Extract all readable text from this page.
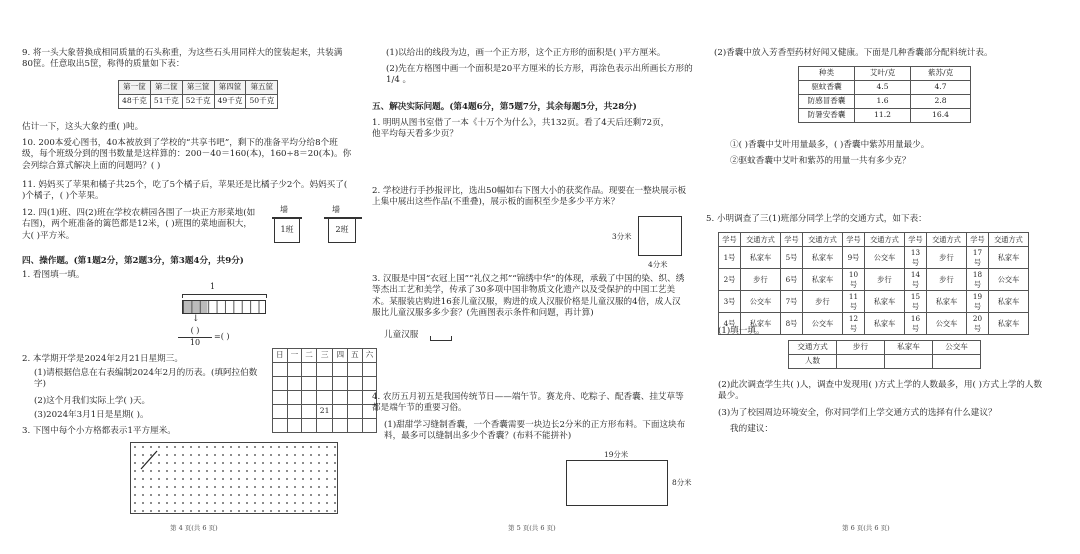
9. 将一头大象替换成相同质量的石头称重，为这些石头用同样大的筐装起来，共装满80筐。任意取出5筐，称得的质量如下表：
第一筐	第二筐	第三筐	第四筐	第五筐
48千克	51千克	52千克	49千克	50千克
估计一下，这头大象约重( )吨。
10. 200本爱心图书，40本被放到了学校的“共享书吧”，剩下的准备平均分给8个班级，每个班级分到的图书数量是这样算的：200－40＝160(本)，160÷8＝20(本)。你会列综合算式解决上面的问题吗？( )
11. 妈妈买了苹果和橘子共25个，吃了5个橘子后，苹果还是比橘子少2个。妈妈买了( )个橘子，( )个苹果。
12. 四(1)班、四(2)班在学校农耕园各围了一块正方形菜地(如右图)，两个班准备的篱笆都是12米，( )班围的菜地面积大，大( )平方米。
墙	墙
1班	2班
四、操作题。(第1题2分，第2题3分，第3题4分，共9分)
1. 看图填一填。
1
↓
( )
10
=( )
2. 本学期开学是2024年2月21日星期三。
(1)请根据信息在右表编制2024年2月的历表。(填阿拉伯数字)
(2)这个月我们实际上学( )天。
(3)2024年3月1日是星期( )。
日	一	二	三	四	五	六

			21			

3. 下图中每个小方格都表示1平方厘米。
第 4 页(共 6 页)
(1)以给出的线段为边，画一个正方形，这个正方形的面积是( )平方厘米。
(2)先在方格图中画一个面积是20平方厘米的长方形，再涂色表示出所画长方形的 1/4 。
五、解决实际问题。(第4题6分，第5题7分，其余每题5分，共28分)
1. 明明从图书室借了一本《十万个为什么》，共132页。看了4天后还剩72页，他平均每天看多少页？
2. 学校进行手抄报评比，选出50幅如右下图大小的获奖作品。现要在一整块展示板上集中展出这些作品(不重叠)，展示板的面积至少是多少平方米？
3分米
4分米
3. 汉服是中国“衣冠上国”“礼仪之邦”“锦绣中华”的体现，承载了中国的染、织、绣等杰出工艺和美学，传承了30多项中国非物质文化遗产以及受保护的中国工艺美术。某服装店购进16套儿童汉服，购进的成人汉服价格是儿童汉服的4倍，成人汉服比儿童汉服多多少套？(先画图表示条件和问题，再计算)
儿童汉服
4. 农历五月初五是我国传统节日——端午节。赛龙舟、吃粽子、配香囊、挂艾草等都是端午节的重要习俗。
(1)甜甜学习缝制香囊，一个香囊需要一块边长2分米的正方形布料。下面这块布料，最多可以缝制出多少个香囊？(布料不能拼补)
19分米
8分米
第 5 页(共 6 页)
(2)香囊中放入芳香型药材好闻又健康。下面是几种香囊部分配料统计表。
种类	艾叶/克	紫苏/克
驱蚊香囊	4.5	4.7
防感冒香囊	1.6	2.8
防暑安香囊	11.2	16.4
①( )香囊中艾叶用量最多，( )香囊中紫苏用量最少。
②驱蚊香囊中艾叶和紫苏的用量一共有多少克？
5. 小明调查了三(1)班部分同学上学的交通方式，如下表：
学号	交通方式	学号	交通方式	学号	交通方式	学号	交通方式	学号	交通方式
1号	私家车	5号	私家车	9号	公交车	13号	步行	17号	私家车
2号	步行	6号	私家车	10号	步行	14号	步行	18号	公交车
3号	公交车	7号	步行	11号	私家车	15号	私家车	19号	私家车
4号	私家车	8号	公交车	12号	私家车	16号	公交车	20号	私家车
(1)填一填。
交通方式	步行	私家车	公交车
人数			
(2)此次调查学生共( )人，调查中发现用( )方式上学的人数最多，用( )方式上学的人数最少。
(3)为了校园周边环境安全，你对同学们上学交通方式的选择有什么建议？
我的建议：
第 6 页(共 6 页)
